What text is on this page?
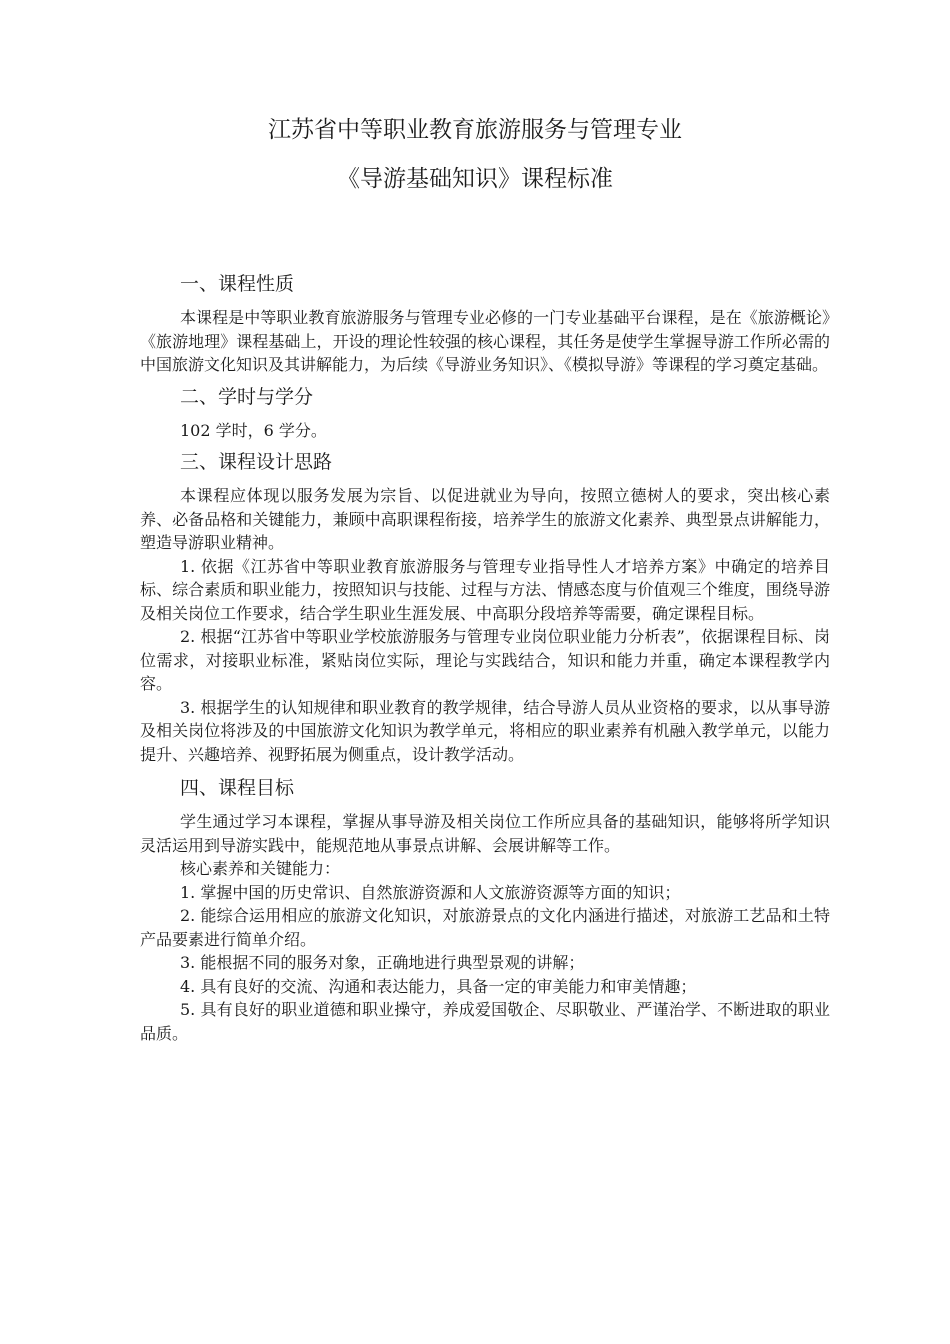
江苏省中等职业教育旅游服务与管理专业
《导游基础知识》课程标准
一、课程性质

本课程是中等职业教育旅游服务与管理专业必修的一门专业基础平台课程，是在《旅游概论》《旅游地理》课程基础上，开设的理论性较强的核心课程，其任务是使学生掌握导游工作所必需的中国旅游文化知识及其讲解能力，为后续《导游业务知识》、《模拟导游》等课程的学习奠定基础。

二、学时与学分

102 学时，6 学分。

三、课程设计思路

本课程应体现以服务发展为宗旨、以促进就业为导向，按照立德树人的要求，突出核心素养、必备品格和关键能力，兼顾中高职课程衔接，培养学生的旅游文化素养、典型景点讲解能力，塑造导游职业精神。

1. 依据《江苏省中等职业教育旅游服务与管理专业指导性人才培养方案》中确定的培养目标、综合素质和职业能力，按照知识与技能、过程与方法、情感态度与价值观三个维度，围绕导游及相关岗位工作要求，结合学生职业生涯发展、中高职分段培养等需要，确定课程目标。

2. 根据“江苏省中等职业学校旅游服务与管理专业岗位职业能力分析表”，依据课程目标、岗位需求，对接职业标准，紧贴岗位实际，理论与实践结合，知识和能力并重，确定本课程教学内容。

3. 根据学生的认知规律和职业教育的教学规律，结合导游人员从业资格的要求，以从事导游及相关岗位将涉及的中国旅游文化知识为教学单元，将相应的职业素养有机融入教学单元，以能力提升、兴趣培养、视野拓展为侧重点，设计教学活动。

四、课程目标

学生通过学习本课程，掌握从事导游及相关岗位工作所应具备的基础知识，能够将所学知识灵活运用到导游实践中，能规范地从事景点讲解、会展讲解等工作。

核心素养和关键能力：

1. 掌握中国的历史常识、自然旅游资源和人文旅游资源等方面的知识；

2. 能综合运用相应的旅游文化知识，对旅游景点的文化内涵进行描述，对旅游工艺品和土特产品要素进行简单介绍。

3. 能根据不同的服务对象，正确地进行典型景观的讲解；

4. 具有良好的交流、沟通和表达能力，具备一定的审美能力和审美情趣；

5. 具有良好的职业道德和职业操守，养成爱国敬企、尽职敬业、严谨治学、不断进取的职业品质。
